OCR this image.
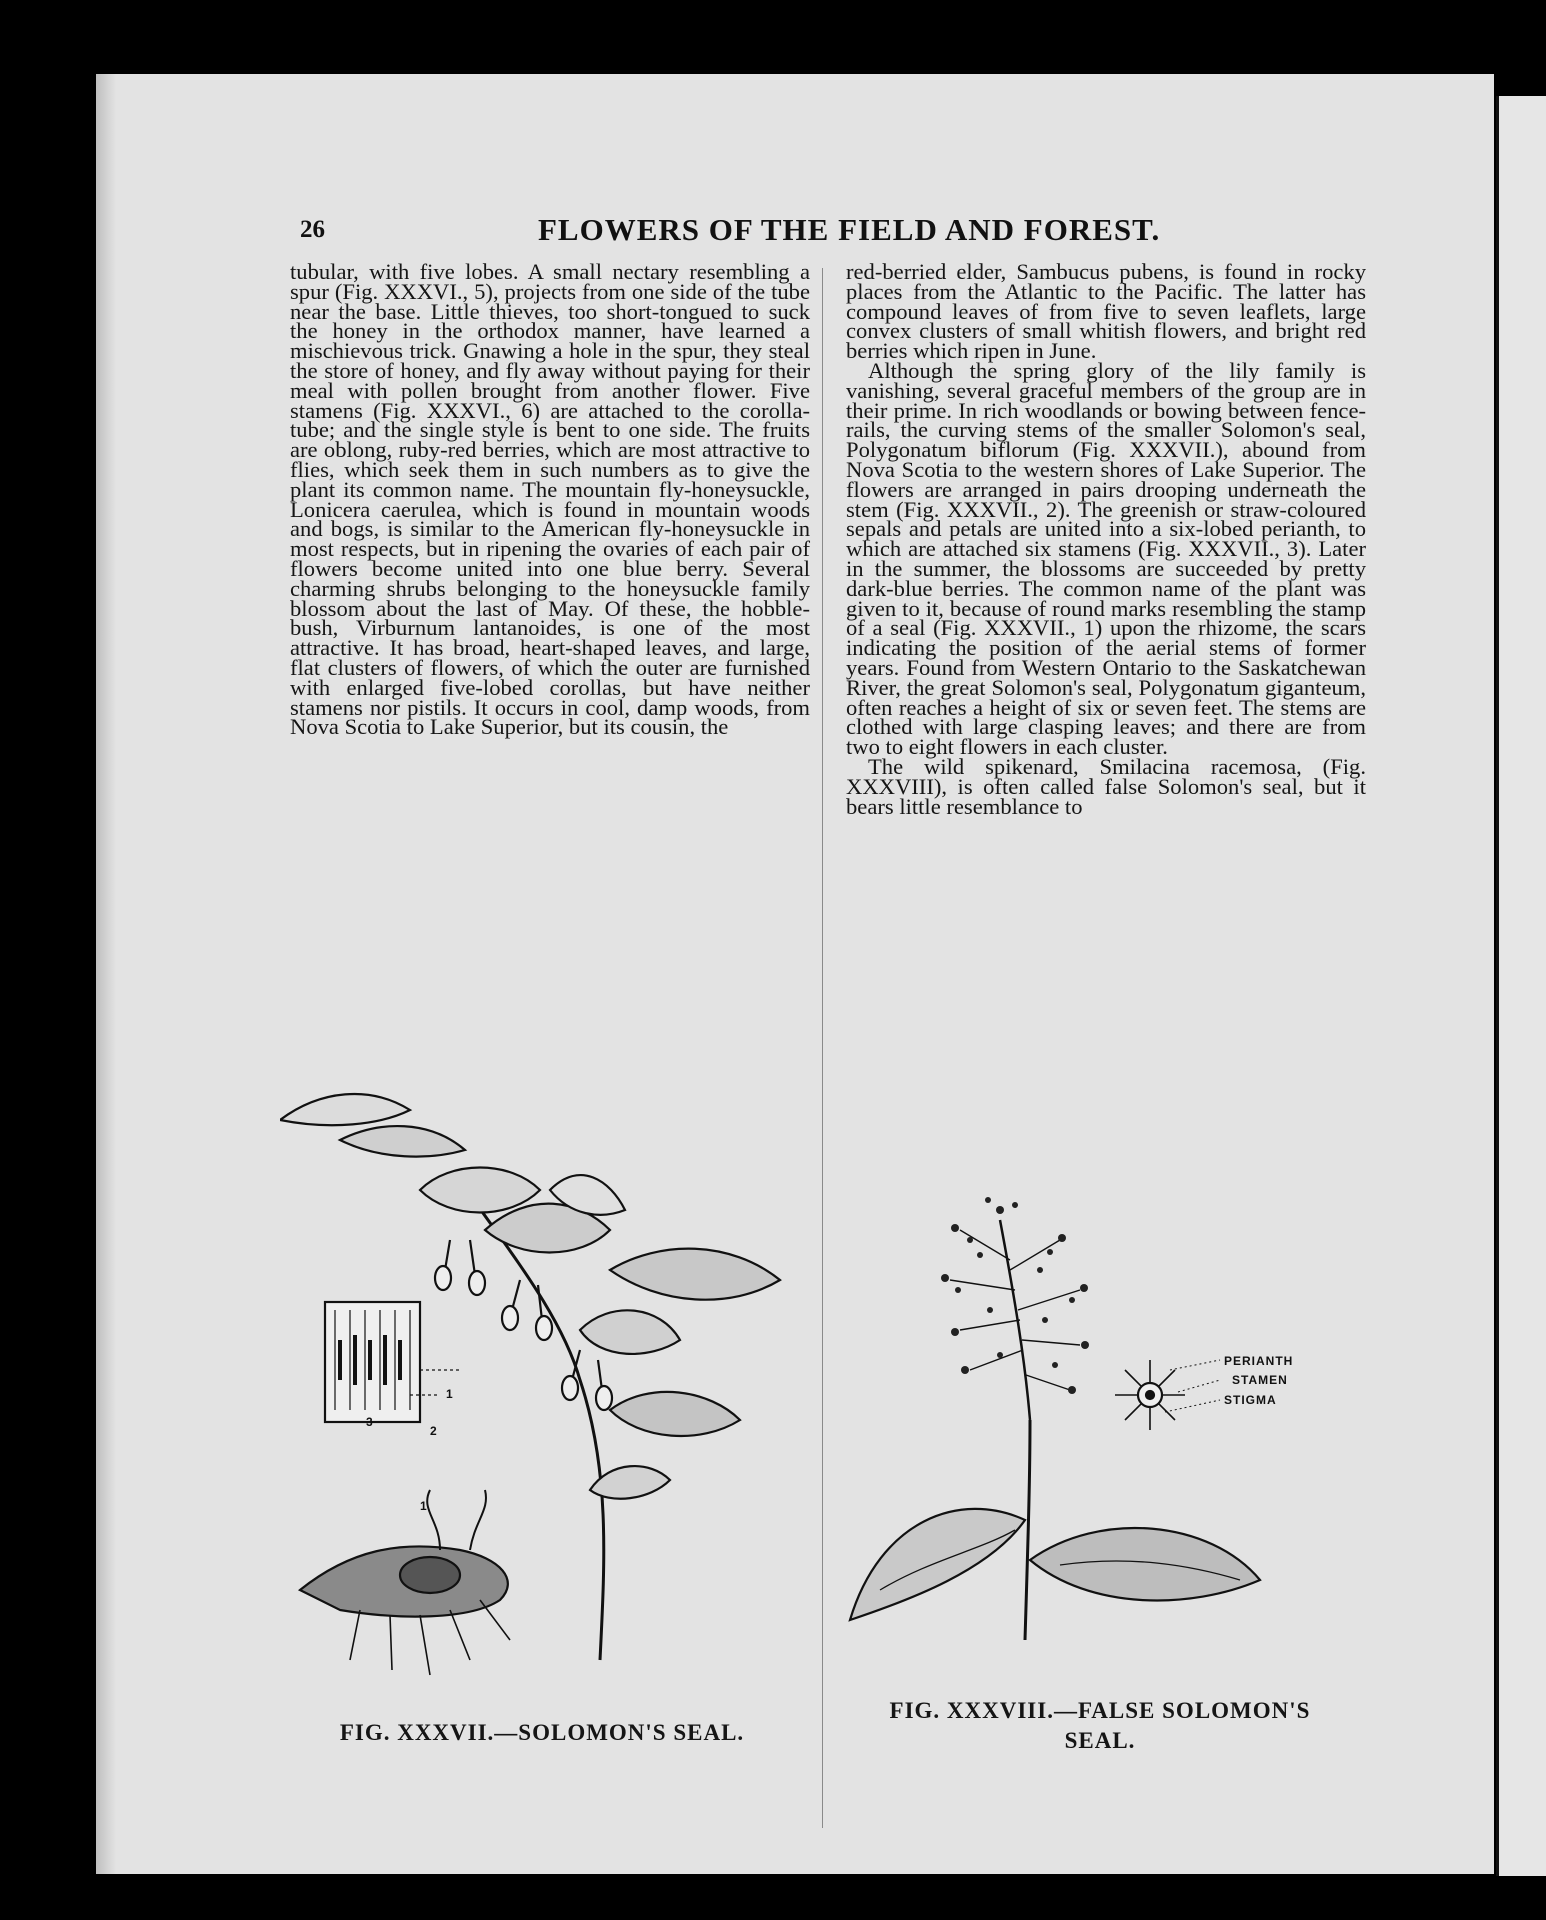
26	FLOWERS OF THE FIELD AND FOREST.

tubular, with five lobes. A small nectary resembling a spur (Fig. XXXVI., 5), projects from one side of the tube near the base. Little thieves, too short-tongued to suck the honey in the orthodox manner, have learned a mischievous trick. Gnawing a hole in the spur, they steal the store of honey, and fly away without paying for their meal with pollen brought from another flower. Five stamens (Fig. XXXVI., 6) are attached to the corolla-tube; and the single style is bent to one side. The fruits are oblong, ruby-red berries, which are most attractive to flies, which seek them in such numbers as to give the plant its common name. The mountain fly-honeysuckle, Lonicera caerulea, which is found in mountain woods and bogs, is similar to the American fly-honeysuckle in most respects, but in ripening the ovaries of each pair of flowers become united into one blue berry. Several charming shrubs belonging to the honeysuckle family blossom about the last of May. Of these, the hobble-bush, Virburnum lantanoides, is one of the most attractive. It has broad, heart-shaped leaves, and large, flat clusters of flowers, of which the outer are furnished with enlarged five-lobed corollas, but have neither stamens nor pistils. It occurs in cool, damp woods, from Nova Scotia to Lake Superior, but its cousin, the

red-berried elder, Sambucus pubens, is found in rocky places from the Atlantic to the Pacific. The latter has compound leaves of from five to seven leaflets, large convex clusters of small whitish flowers, and bright red berries which ripen in June.

Although the spring glory of the lily family is vanishing, several graceful members of the group are in their prime. In rich woodlands or bowing between fence-rails, the curving stems of the smaller Solomon's seal, Polygonatum biflorum (Fig. XXXVII.), abound from Nova Scotia to the western shores of Lake Superior. The flowers are arranged in pairs drooping underneath the stem (Fig. XXXVII., 2). The greenish or straw-coloured sepals and petals are united into a six-lobed perianth, to which are attached six stamens (Fig. XXXVII., 3). Later in the summer, the blossoms are succeeded by pretty dark-blue berries. The common name of the plant was given to it, because of round marks resembling the stamp of a seal (Fig. XXXVII., 1) upon the rhizome, the scars indicating the position of the aerial stems of former years. Found from Western Ontario to the Saskatchewan River, the great Solomon's seal, Polygonatum giganteum, often reaches a height of six or seven feet. The stems are clothed with large clasping leaves; and there are from two to eight flowers in each cluster.

The wild spikenard, Smilacina racemosa, (Fig. XXXVIII), is often called false Solomon's seal, but it bears little resemblance to

3
2
1
1
FIG. XXXVII.—SOLOMON'S SEAL.
PERIANTH
STAMEN
STIGMA
FIG. XXXVIII.—FALSE SOLOMON'S
SEAL.
